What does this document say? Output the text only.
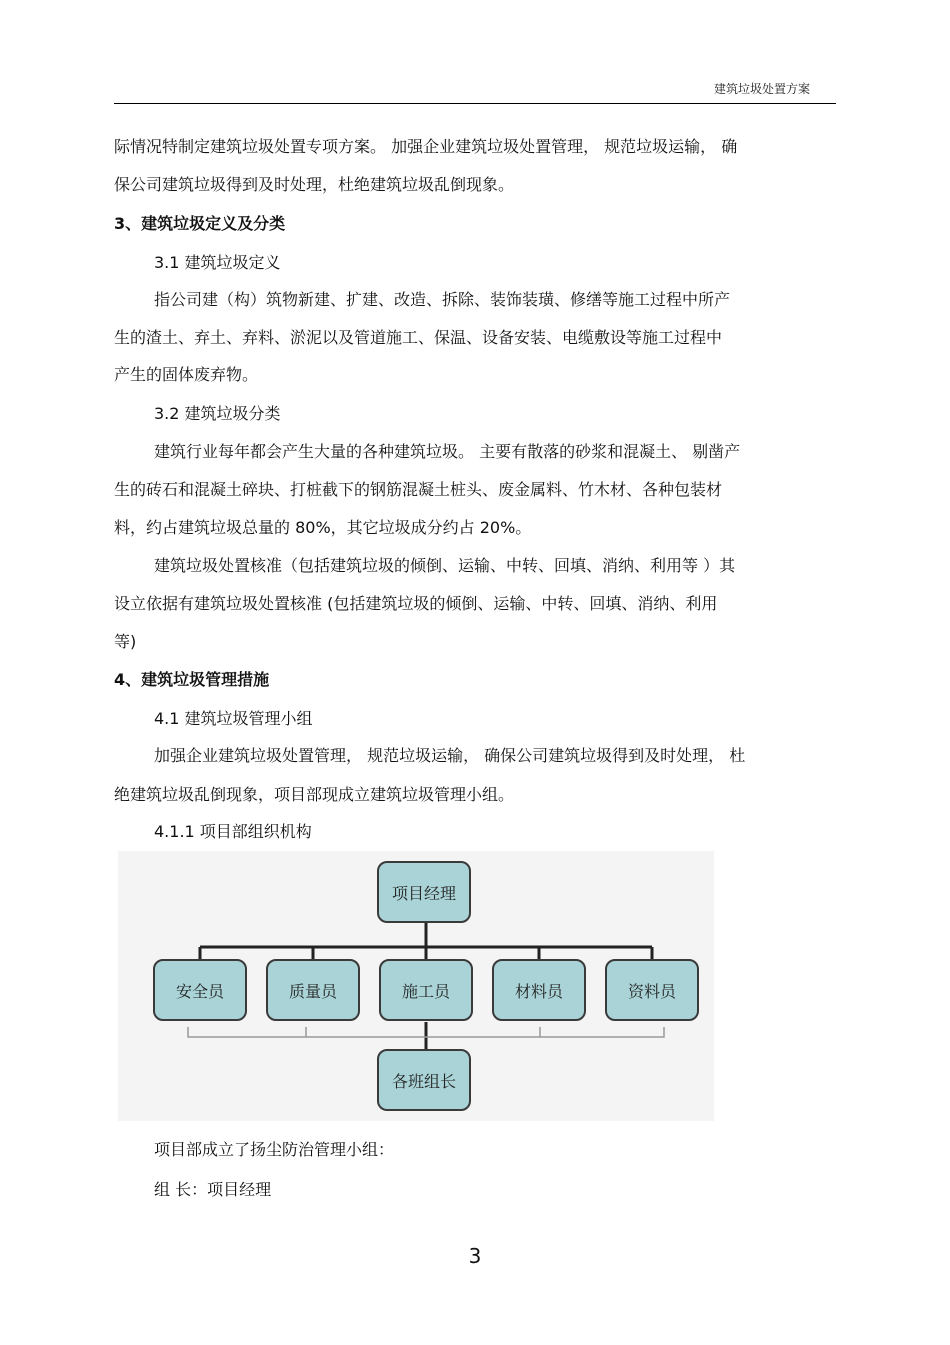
建筑垃圾处置方案
际情况特制定建筑垃圾处置专项方案。 加强企业建筑垃圾处置管理， 规范垃圾运输， 确
保公司建筑垃圾得到及时处理，杜绝建筑垃圾乱倒现象。
3、建筑垃圾定义及分类
3.1 建筑垃圾定义
指公司建（构）筑物新建、扩建、改造、拆除、装饰装璜、修缮等施工过程中所产
生的渣土、弃土、弃料、淤泥以及管道施工、保温、设备安装、电缆敷设等施工过程中
产生的固体废弃物。
3.2 建筑垃圾分类
建筑行业每年都会产生大量的各种建筑垃圾。 主要有散落的砂浆和混凝土、 剔凿产
生的砖石和混凝土碎块、打桩截下的钢筋混凝土桩头、废金属料、竹木材、各种包装材
料，约占建筑垃圾总量的 80%，其它垃圾成分约占 20%。
建筑垃圾处置核准（包括建筑垃圾的倾倒、运输、中转、回填、消纳、利用等 ）其
设立依据有建筑垃圾处置核准 (包括建筑垃圾的倾倒、运输、中转、回填、消纳、利用
等)
4、建筑垃圾管理措施
4.1 建筑垃圾管理小组
加强企业建筑垃圾处置管理， 规范垃圾运输， 确保公司建筑垃圾得到及时处理， 杜
绝建筑垃圾乱倒现象，项目部现成立建筑垃圾管理小组。
4.1.1 项目部组织机构
项目经理
安全员	质量员	施工员	材料员	资料员
各班组长
项目部成立了扬尘防治管理小组：
组 长：项目经理
3
